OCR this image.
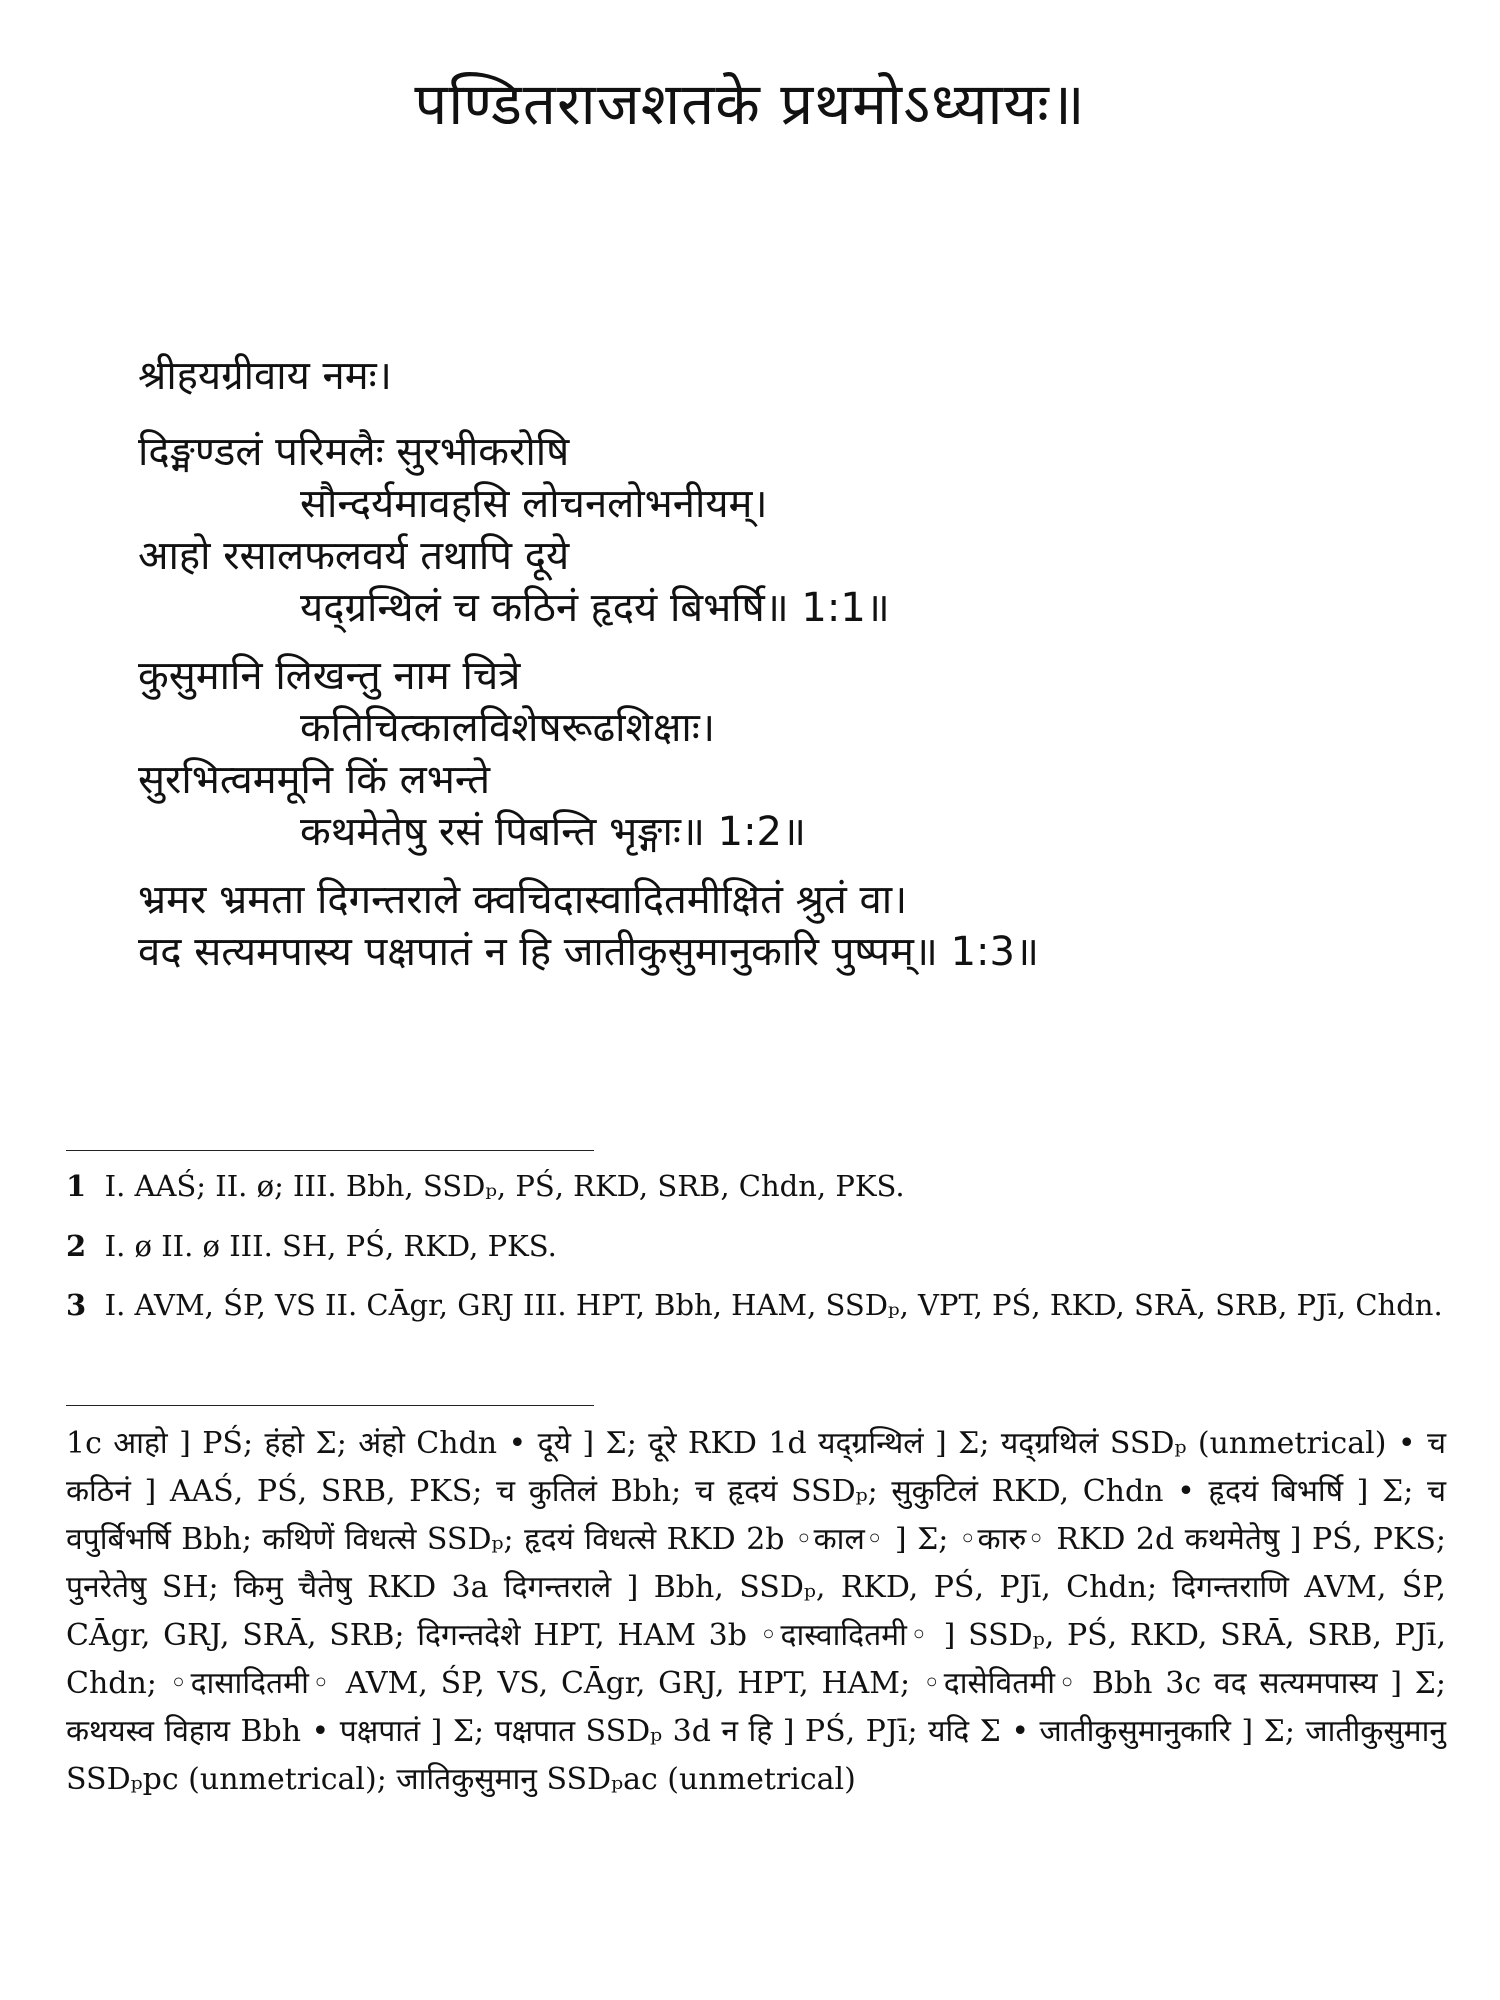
पण्डितराजशतके प्रथमोऽध्यायः॥

श्रीहयग्रीवाय नमः।

दिङ्मण्डलं परिमलैः सुरभीकरोषि

सौन्दर्यमावहसि लोचनलोभनीयम्।

आहो रसालफलवर्य तथापि दूये

यद्ग्रन्थिलं च कठिनं हृदयं बिभर्षि॥ 1:1॥

कुसुमानि लिखन्तु नाम चित्रे

कतिचित्कालविशेषरूढशिक्षाः।

सुरभित्वममूनि किं लभन्ते

कथमेतेषु रसं पिबन्ति भृङ्गाः॥ 1:2॥

भ्रमर भ्रमता दिगन्तराले क्वचिदास्वादितमीक्षितं श्रुतं वा।

वद सत्यमपास्य पक्षपातं न हि जातीकुसुमानुकारि पुष्पम्॥ 1:3॥

1 I. AAŚ; II. ø; III. Bbh, SSDₚ, PŚ, RKD, SRB, Chdn, PKS.
2 I. ø II. ø III. SH, PŚ, RKD, PKS.
3 I. AVM, ŚP, VS II. CĀgr, GRJ III. HPT, Bbh, HAM, SSDₚ, VPT, PŚ, RKD, SRĀ, SRB, PJī, Chdn.
1c आहो ] PŚ; हंहो Σ; अंहो Chdn • दूये ] Σ; दूरे RKD 1d यद्ग्रन्थिलं ] Σ; यद्ग्रथिलं SSDₚ (unmetrical) • च कठिनं ] AAŚ, PŚ, SRB, PKS; च कुतिलं Bbh; च हृदयं SSDₚ; सुकुटिलं RKD, Chdn • हृदयं बिभर्षि ] Σ; च वपुर्बिभर्षि Bbh; कथिणें विधत्से SSDₚ; हृदयं विधत्से RKD 2b ◦काल◦ ] Σ; ◦कारु◦ RKD 2d कथमेतेषु ] PŚ, PKS; पुनरेतेषु SH; किमु चैतेषु RKD 3a दिगन्तराले ] Bbh, SSDₚ, RKD, PŚ, PJī, Chdn; दिगन्तराणि AVM, ŚP, CĀgr, GRJ, SRĀ, SRB; दिगन्तदेशे HPT, HAM 3b ◦दास्वादितमी◦ ] SSDₚ, PŚ, RKD, SRĀ, SRB, PJī, Chdn; ◦दासादितमी◦ AVM, ŚP, VS, CĀgr, GRJ, HPT, HAM; ◦दासेवितमी◦ Bbh 3c वद सत्यमपास्य ] Σ; कथयस्व विहाय Bbh • पक्षपातं ] Σ; पक्षपात SSDₚ 3d न हि ] PŚ, PJī; यदि Σ • जातीकुसुमानुकारि ] Σ; जातीकुसुमानु SSDₚpc (unmetrical); जातिकुसुमानु SSDₚac (unmetrical)
